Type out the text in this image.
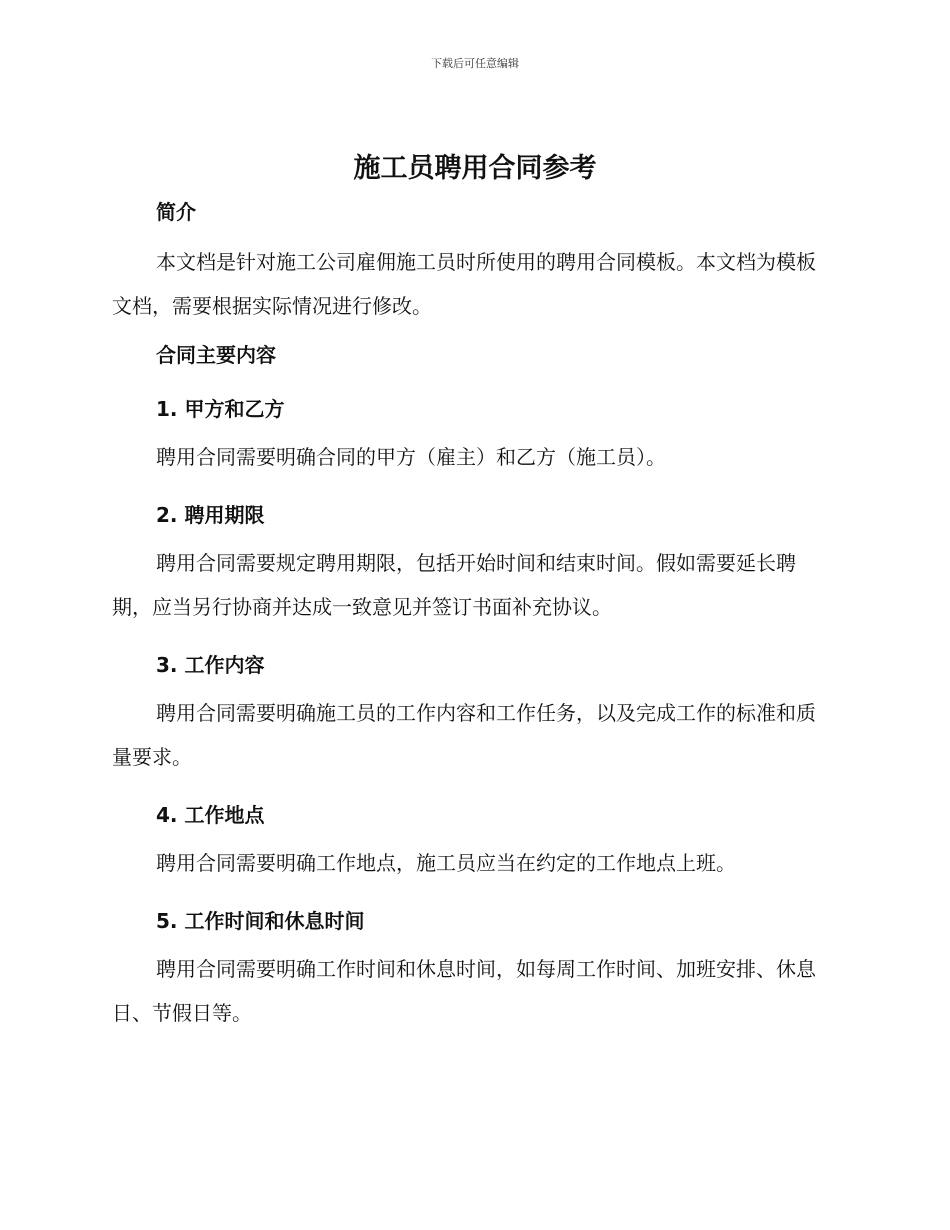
下载后可任意编辑
施工员聘用合同参考

简介

本文档是针对施工公司雇佣施工员时所使用的聘用合同模板。本文档为模板文档，需要根据实际情况进行修改。

合同主要内容

1. 甲方和乙方

聘用合同需要明确合同的甲方（雇主）和乙方（施工员）。

2. 聘用期限

聘用合同需要规定聘用期限，包括开始时间和结束时间。假如需要延长聘期，应当另行协商并达成一致意见并签订书面补充协议。

3. 工作内容

聘用合同需要明确施工员的工作内容和工作任务，以及完成工作的标准和质量要求。

4. 工作地点

聘用合同需要明确工作地点，施工员应当在约定的工作地点上班。

5. 工作时间和休息时间

聘用合同需要明确工作时间和休息时间，如每周工作时间、加班安排、休息日、节假日等。
